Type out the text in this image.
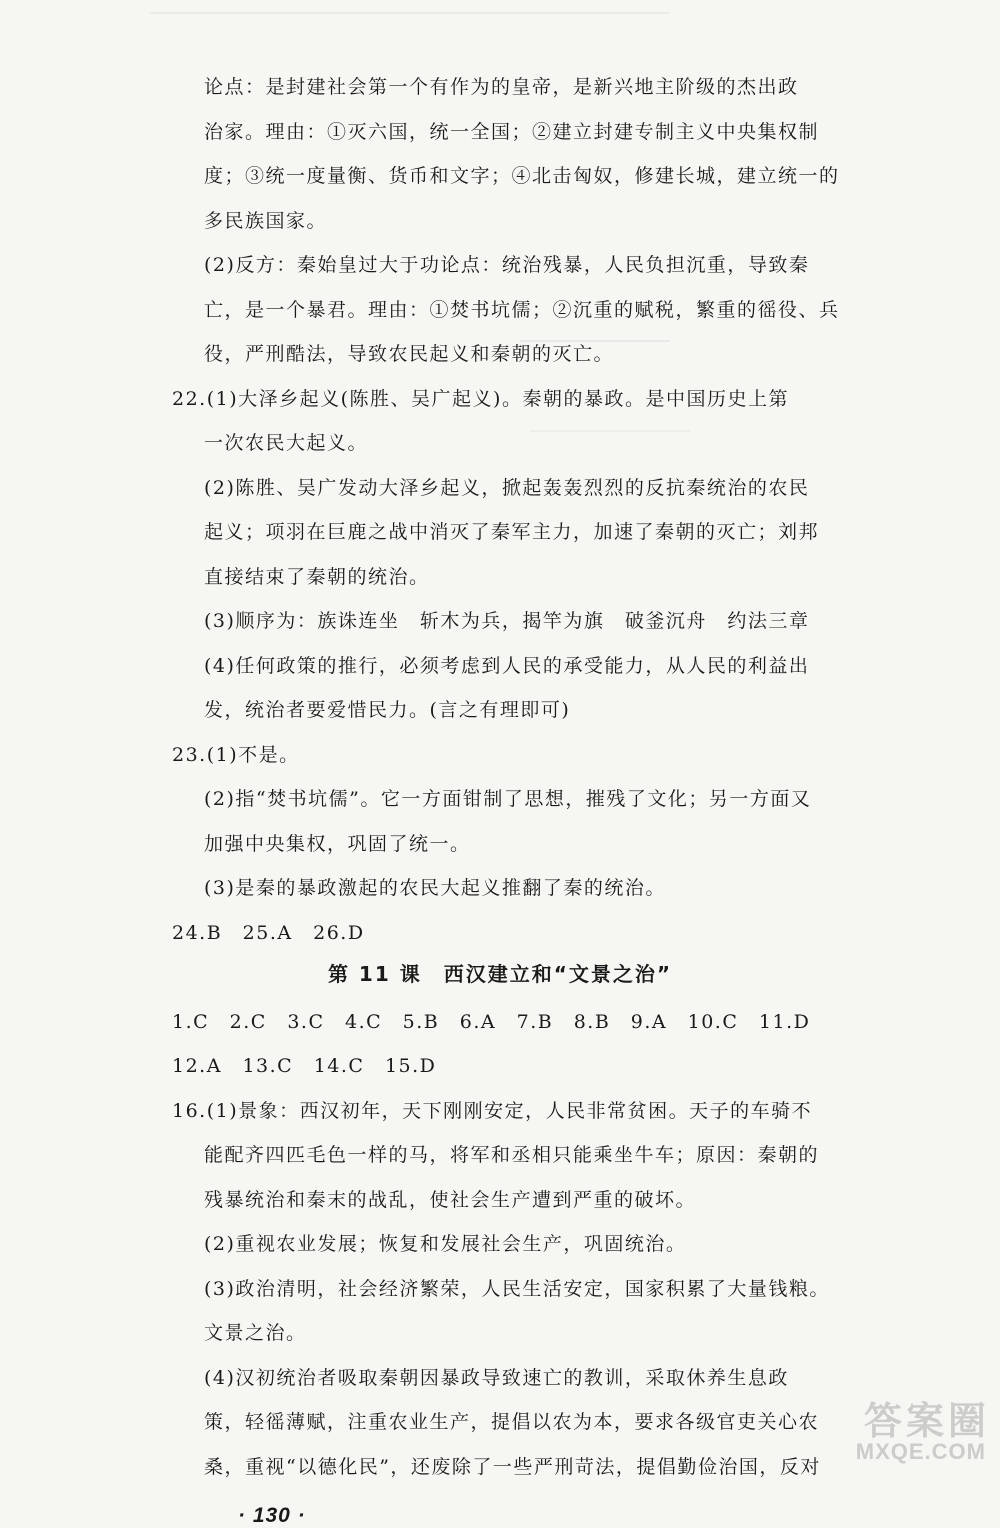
论点：是封建社会第一个有作为的皇帝，是新兴地主阶级的杰出政
治家。理由：①灭六国，统一全国；②建立封建专制主义中央集权制
度；③统一度量衡、货币和文字；④北击匈奴，修建长城，建立统一的
多民族国家。
(2)反方：秦始皇过大于功论点：统治残暴，人民负担沉重，导致秦
亡，是一个暴君。理由：①焚书坑儒；②沉重的赋税，繁重的徭役、兵
役，严刑酷法，导致农民起义和秦朝的灭亡。
22.(1)大泽乡起义(陈胜、吴广起义)。秦朝的暴政。是中国历史上第
一次农民大起义。
(2)陈胜、吴广发动大泽乡起义，掀起轰轰烈烈的反抗秦统治的农民
起义；项羽在巨鹿之战中消灭了秦军主力，加速了秦朝的灭亡；刘邦
直接结束了秦朝的统治。
(3)顺序为：族诛连坐　斩木为兵，揭竿为旗　破釜沉舟　约法三章
(4)任何政策的推行，必须考虑到人民的承受能力，从人民的利益出
发，统治者要爱惜民力。(言之有理即可)
23.(1)不是。
(2)指“焚书坑儒”。它一方面钳制了思想，摧残了文化；另一方面又
加强中央集权，巩固了统一。
(3)是秦的暴政激起的农民大起义推翻了秦的统治。
24.B　25.A　26.D
第 11 课　西汉建立和“文景之治”
1.C　2.C　3.C　4.C　5.B　6.A　7.B　8.B　9.A　10.C　11.D
12.A　13.C　14.C　15.D
16.(1)景象：西汉初年，天下刚刚安定，人民非常贫困。天子的车骑不
能配齐四匹毛色一样的马，将军和丞相只能乘坐牛车；原因：秦朝的
残暴统治和秦末的战乱，使社会生产遭到严重的破坏。
(2)重视农业发展；恢复和发展社会生产，巩固统治。
(3)政治清明，社会经济繁荣，人民生活安定，国家积累了大量钱粮。
文景之治。
(4)汉初统治者吸取秦朝因暴政导致速亡的教训，采取休养生息政
策，轻徭薄赋，注重农业生产，提倡以农为本，要求各级官吏关心农
桑，重视“以德化民”，还废除了一些严刑苛法，提倡勤俭治国，反对
· 130 ·
答案圈
MXQE.COM
